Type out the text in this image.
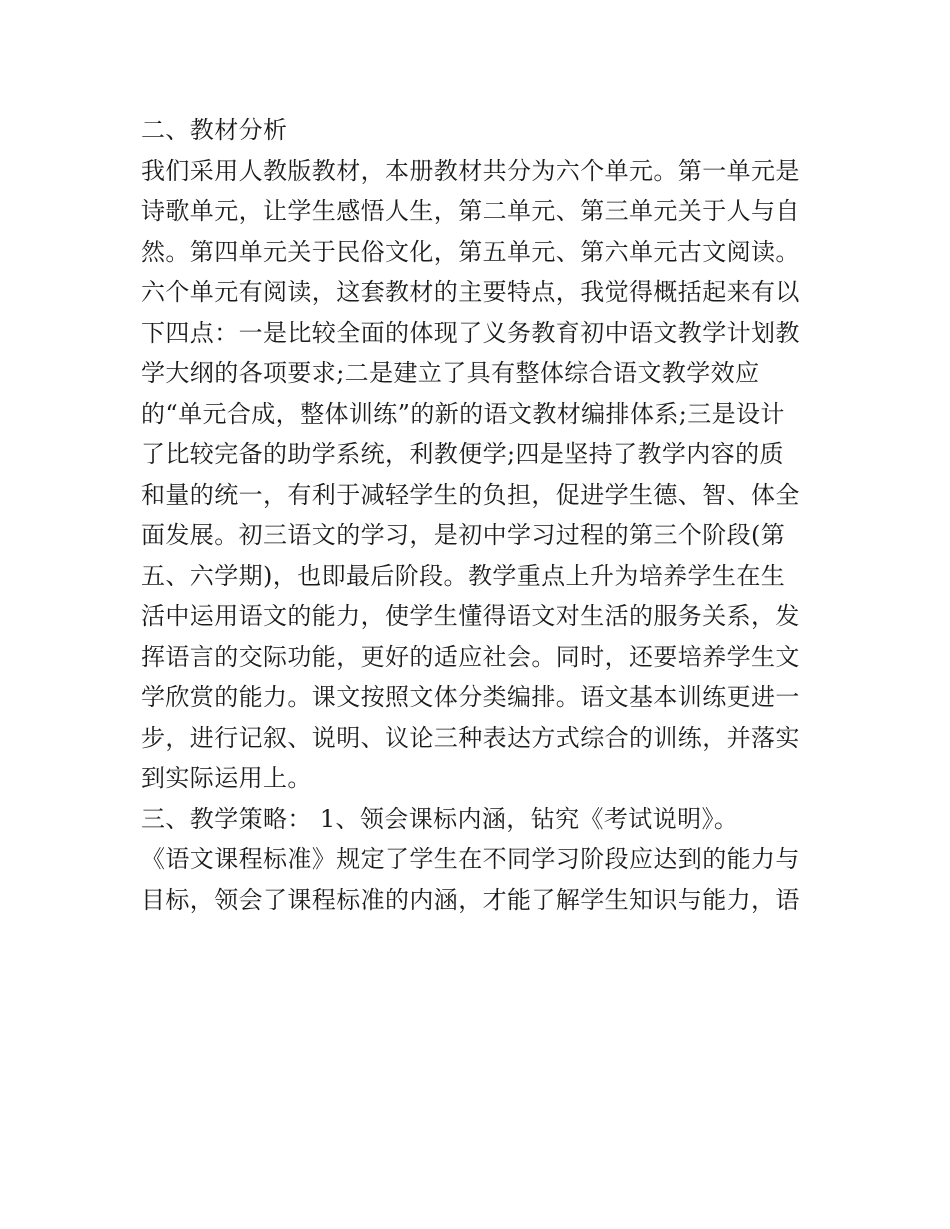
二、教材分析
我们采用人教版教材，本册教材共分为六个单元。第一单元是
诗歌单元，让学生感悟人生，第二单元、第三单元关于人与自
然。第四单元关于民俗文化，第五单元、第六单元古文阅读。
六个单元有阅读，这套教材的主要特点，我觉得概括起来有以
下四点：一是比较全面的体现了义务教育初中语文教学计划教
学大纲的各项要求;二是建立了具有整体综合语文教学效应
的“单元合成，整体训练”的新的语文教材编排体系;三是设计
了比较完备的助学系统，利教便学;四是坚持了教学内容的质
和量的统一，有利于减轻学生的负担，促进学生德、智、体全
面发展。初三语文的学习，是初中学习过程的第三个阶段(第
五、六学期)，也即最后阶段。教学重点上升为培养学生在生
活中运用语文的能力，使学生懂得语文对生活的服务关系，发
挥语言的交际功能，更好的适应社会。同时，还要培养学生文
学欣赏的能力。课文按照文体分类编排。语文基本训练更进一
步，进行记叙、说明、议论三种表达方式综合的训练，并落实
到实际运用上。
三、教学策略： 1、领会课标内涵，钻究《考试说明》。
《语文课程标准》规定了学生在不同学习阶段应达到的能力与
目标，领会了课程标准的内涵，才能了解学生知识与能力，语
